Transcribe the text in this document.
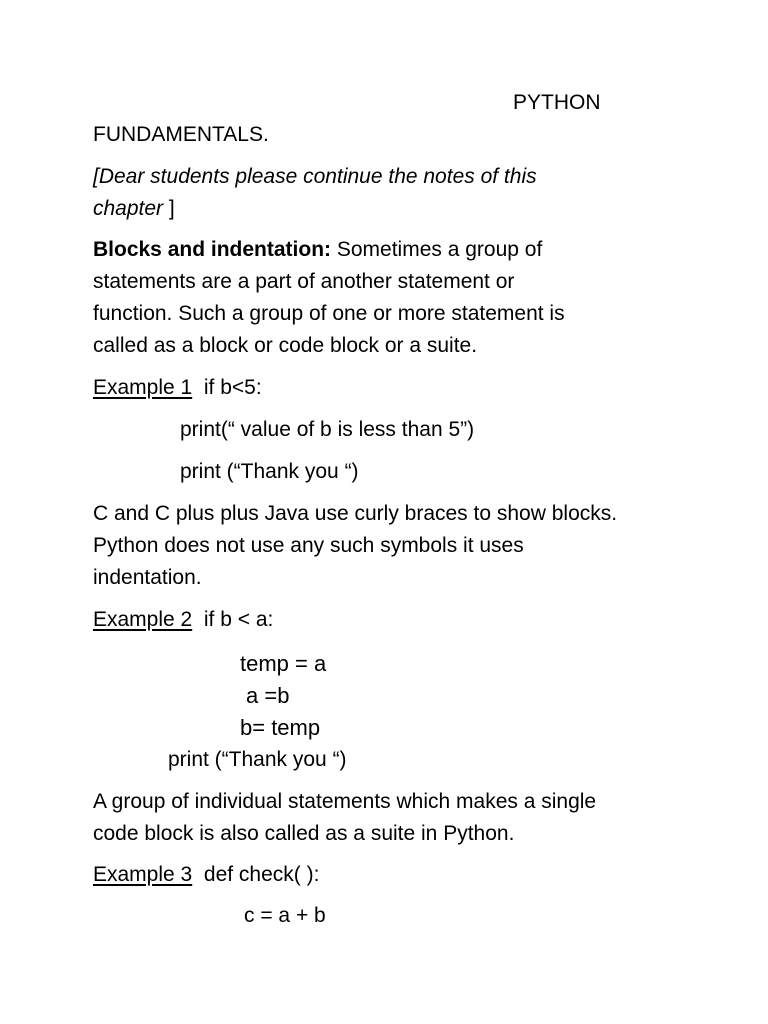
PYTHON
FUNDAMENTALS.
[Dear students please continue the notes of this
chapter ]
Blocks and indentation: Sometimes a group of
statements are a part of another statement or
function. Such a group of one or more statement is
called as a block or code block or a suite.
Example 1 if b<5:
print(“ value of b is less than 5”)
print (“Thank you “)
C and C plus plus Java use curly braces to show blocks.
Python does not use any such symbols it uses
indentation.
Example 2 if b < a:
temp = a
a =b
b= temp
print (“Thank you “)
A group of individual statements which makes a single
code block is also called as a suite in Python.
Example 3 def check( ):
c = a + b
